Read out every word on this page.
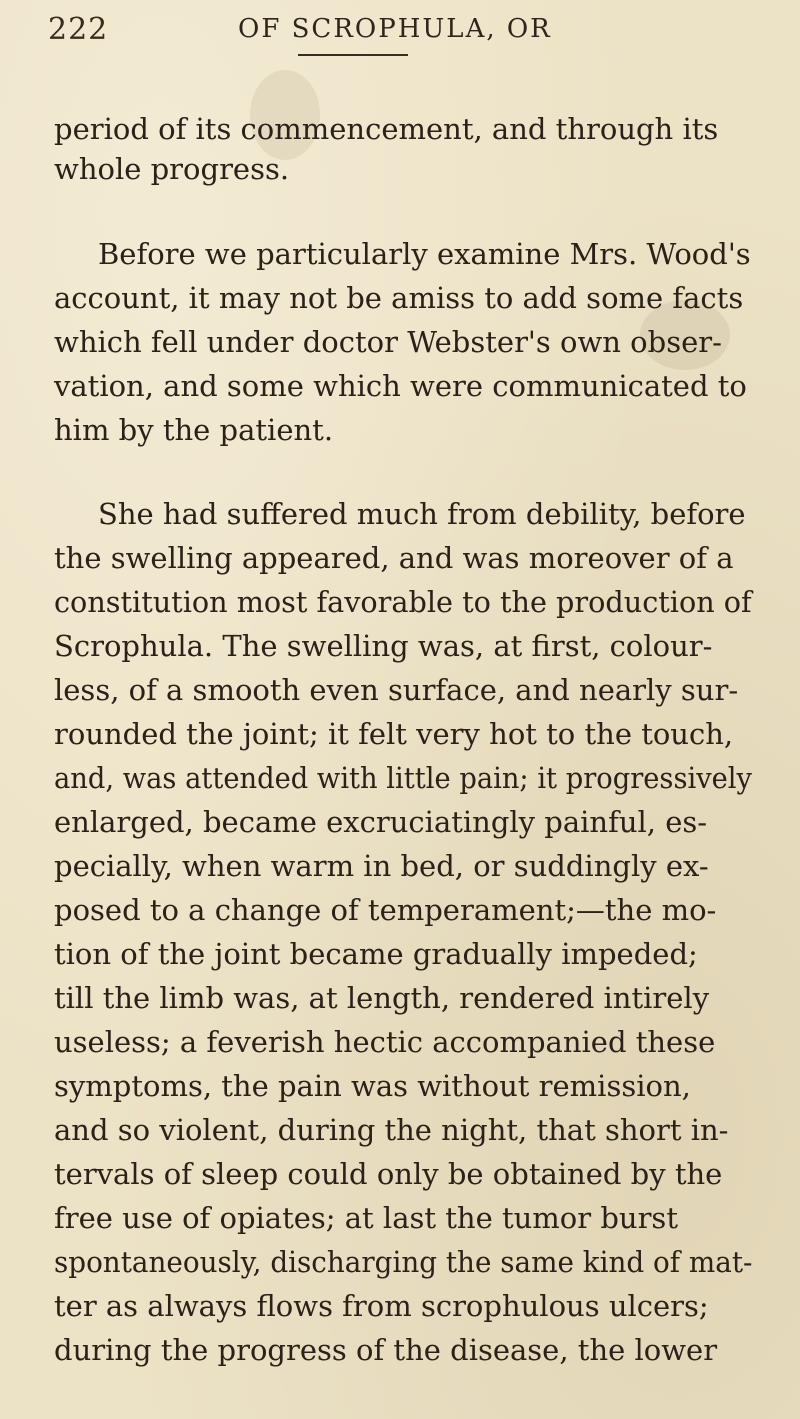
222	OF SCROPHULA, OR
period of its commencement, and through its
whole progress.
Before we particularly examine Mrs. Wood's
account, it may not be amiss to add some facts
which fell under doctor Webster's own obser-
vation, and some which were communicated to
him by the patient.
She had suffered much from debility, before
the swelling appeared, and was moreover of a
constitution most favorable to the production of
Scrophula. The swelling was, at first, colour-
less, of a smooth even surface, and nearly sur-
rounded the joint; it felt very hot to the touch,
and, was attended with little pain; it progressively
enlarged, became excruciatingly painful, es-
pecially, when warm in bed, or suddingly ex-
posed to a change of temperament;—the mo-
tion of the joint became gradually impeded;
till the limb was, at length, rendered intirely
useless; a feverish hectic accompanied these
symptoms, the pain was without remission,
and so violent, during the night, that short in-
tervals of sleep could only be obtained by the
free use of opiates; at last the tumor burst
spontaneously, discharging the same kind of mat-
ter as always flows from scrophulous ulcers;
during the progress of the disease, the lower
